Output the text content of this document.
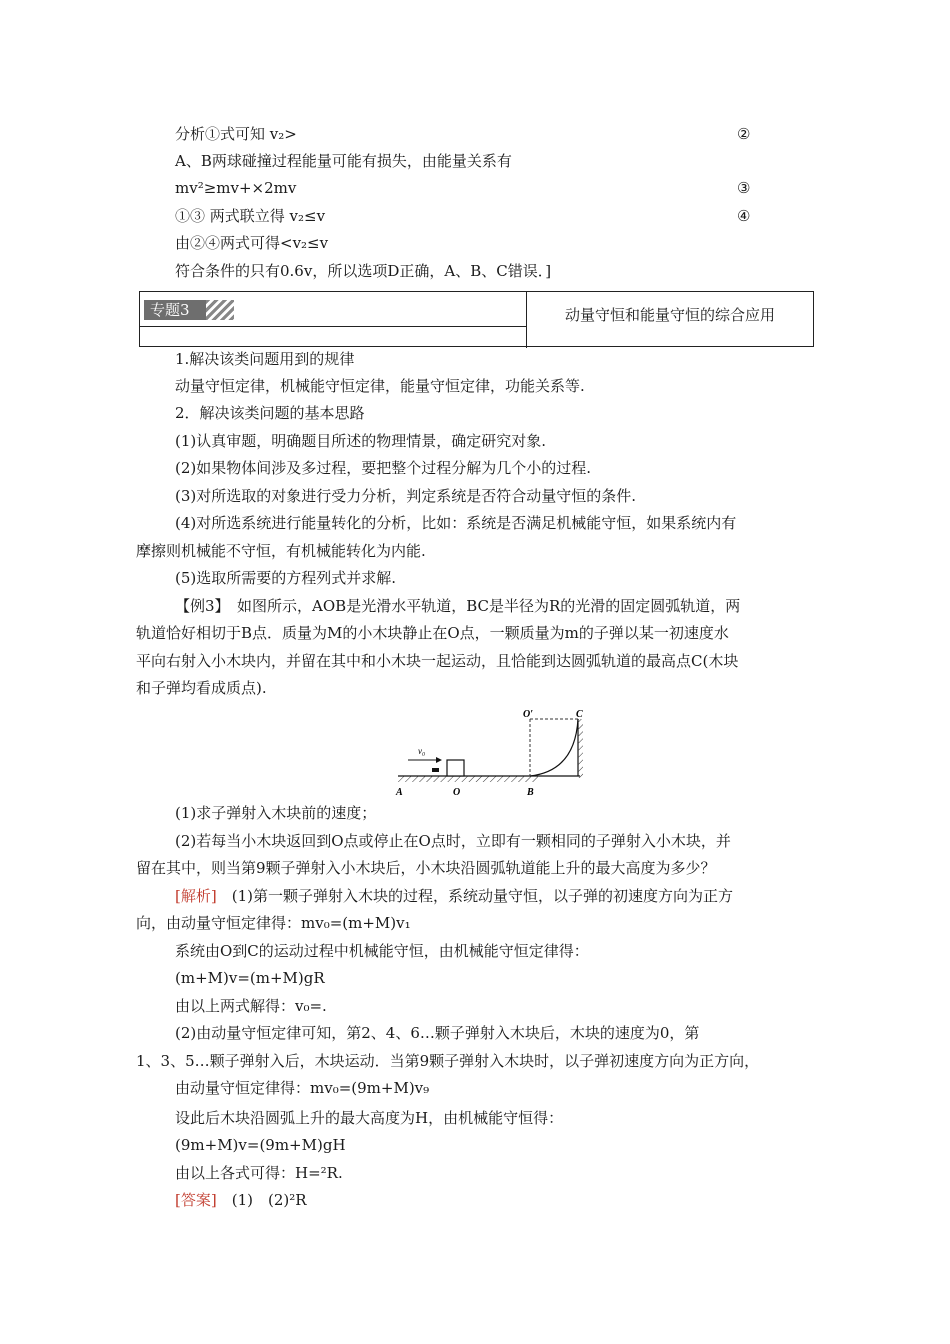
分析①式可知 v₂>	②
A、B两球碰撞过程能量可能有损失，由能量关系有
mv²≥mv+×2mv	③
①③ 两式联立得 v₂≤v	④
由②④两式可得<v₂≤v
符合条件的只有0.6v，所以选项D正确，A、B、C错误．]
专题3	动量守恒和能量守恒的综合应用
1.解决该类问题用到的规律
动量守恒定律，机械能守恒定律，能量守恒定律，功能关系等.
2．解决该类问题的基本思路
(1)认真审题，明确题目所述的物理情景，确定研究对象.
(2)如果物体间涉及多过程，要把整个过程分解为几个小的过程.
(3)对所选取的对象进行受力分析，判定系统是否符合动量守恒的条件.
(4)对所选系统进行能量转化的分析，比如：系统是否满足机械能守恒，如果系统内有
摩擦则机械能不守恒，有机械能转化为内能.
(5)选取所需要的方程列式并求解.
【例3】　如图所示，AOB是光滑水平轨道，BC是半径为R的光滑的固定圆弧轨道，两
轨道恰好相切于B点．质量为M的小木块静止在O点，一颗质量为m的子弹以某一初速度水
平向右射入小木块内，并留在其中和小木块一起运动，且恰能到达圆弧轨道的最高点C(木块
和子弹均看成质点).
O′	C
v₀
A	O	B
(1)求子弹射入木块前的速度；
(2)若每当小木块返回到O点或停止在O点时，立即有一颗相同的子弹射入小木块，并
留在其中，则当第9颗子弹射入小木块后，小木块沿圆弧轨道能上升的最大高度为多少？
[解析]　(1)第一颗子弹射入木块的过程，系统动量守恒，以子弹的初速度方向为正方
向，由动量守恒定律得：mv₀=(m+M)v₁
系统由O到C的运动过程中机械能守恒，由机械能守恒定律得：
(m+M)v=(m+M)gR
由以上两式解得：v₀=.
(2)由动量守恒定律可知，第2、4、6…颗子弹射入木块后，木块的速度为0，第
1、3、5…颗子弹射入后，木块运动．当第9颗子弹射入木块时，以子弹初速度方向为正方向，
由动量守恒定律得：mv₀=(9m+M)v₉
设此后木块沿圆弧上升的最大高度为H，由机械能守恒得：
(9m+M)v=(9m+M)gH
由以上各式可得：H=²R.
[答案]　(1)　(2)²R
